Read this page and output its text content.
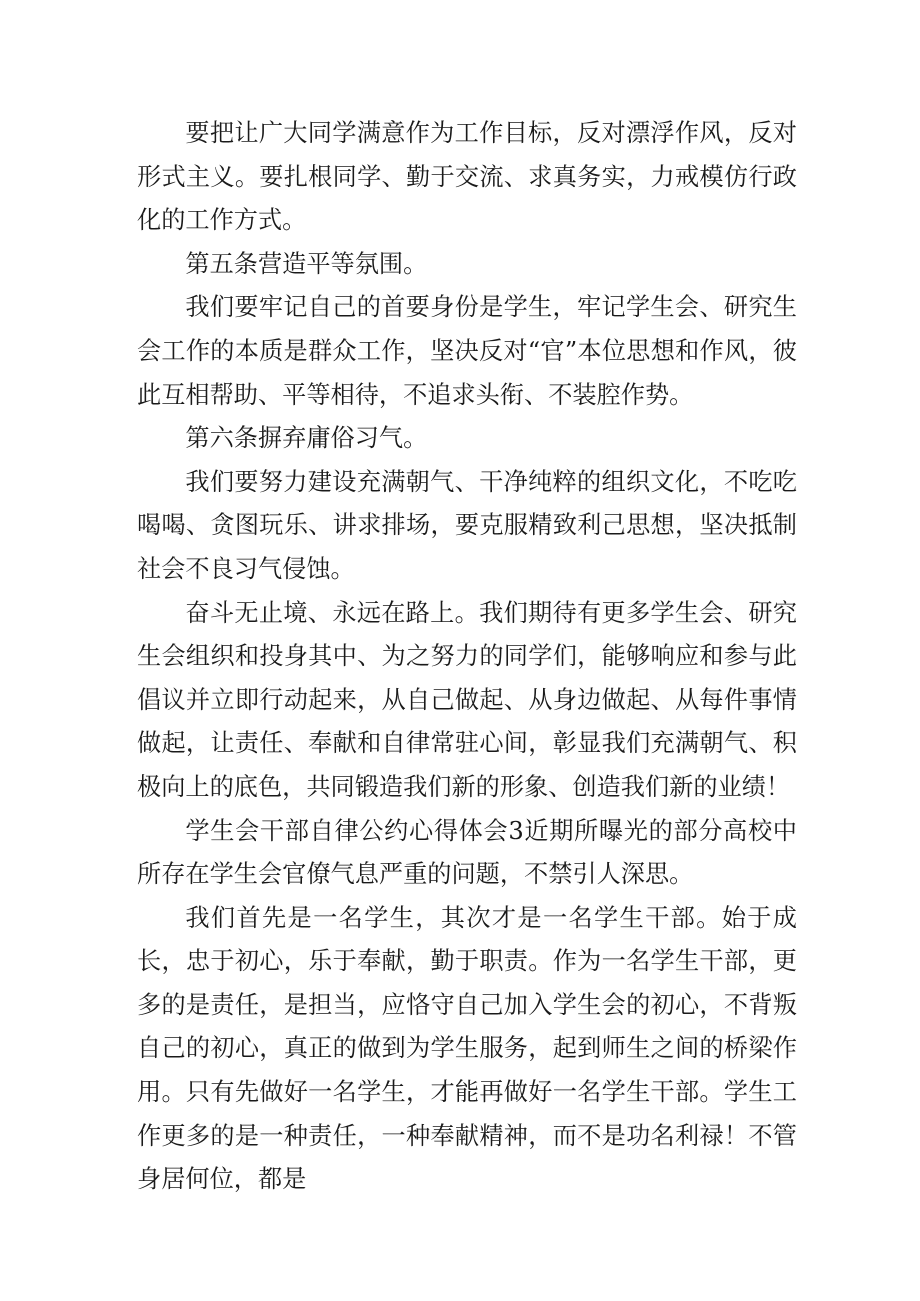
要把让广大同学满意作为工作目标，反对漂浮作风，反对形式主义。要扎根同学、勤于交流、求真务实，力戒模仿行政化的工作方式。

第五条营造平等氛围。

我们要牢记自己的首要身份是学生，牢记学生会、研究生会工作的本质是群众工作，坚决反对“官”本位思想和作风，彼此互相帮助、平等相待，不追求头衔、不装腔作势。

第六条摒弃庸俗习气。

我们要努力建设充满朝气、干净纯粹的组织文化，不吃吃喝喝、贪图玩乐、讲求排场，要克服精致利己思想，坚决抵制社会不良习气侵蚀。

奋斗无止境、永远在路上。我们期待有更多学生会、研究生会组织和投身其中、为之努力的同学们，能够响应和参与此倡议并立即行动起来，从自己做起、从身边做起、从每件事情做起，让责任、奉献和自律常驻心间，彰显我们充满朝气、积极向上的底色，共同锻造我们新的形象、创造我们新的业绩！

学生会干部自律公约心得体会3近期所曝光的部分高校中所存在学生会官僚气息严重的问题，不禁引人深思。

我们首先是一名学生，其次才是一名学生干部。始于成长，忠于初心，乐于奉献，勤于职责。作为一名学生干部，更多的是责任，是担当，应恪守自己加入学生会的初心，不背叛自己的初心，真正的做到为学生服务，起到师生之间的桥梁作用。只有先做好一名学生，才能再做好一名学生干部。学生工作更多的是一种责任，一种奉献精神，而不是功名利禄！不管身居何位，都是
